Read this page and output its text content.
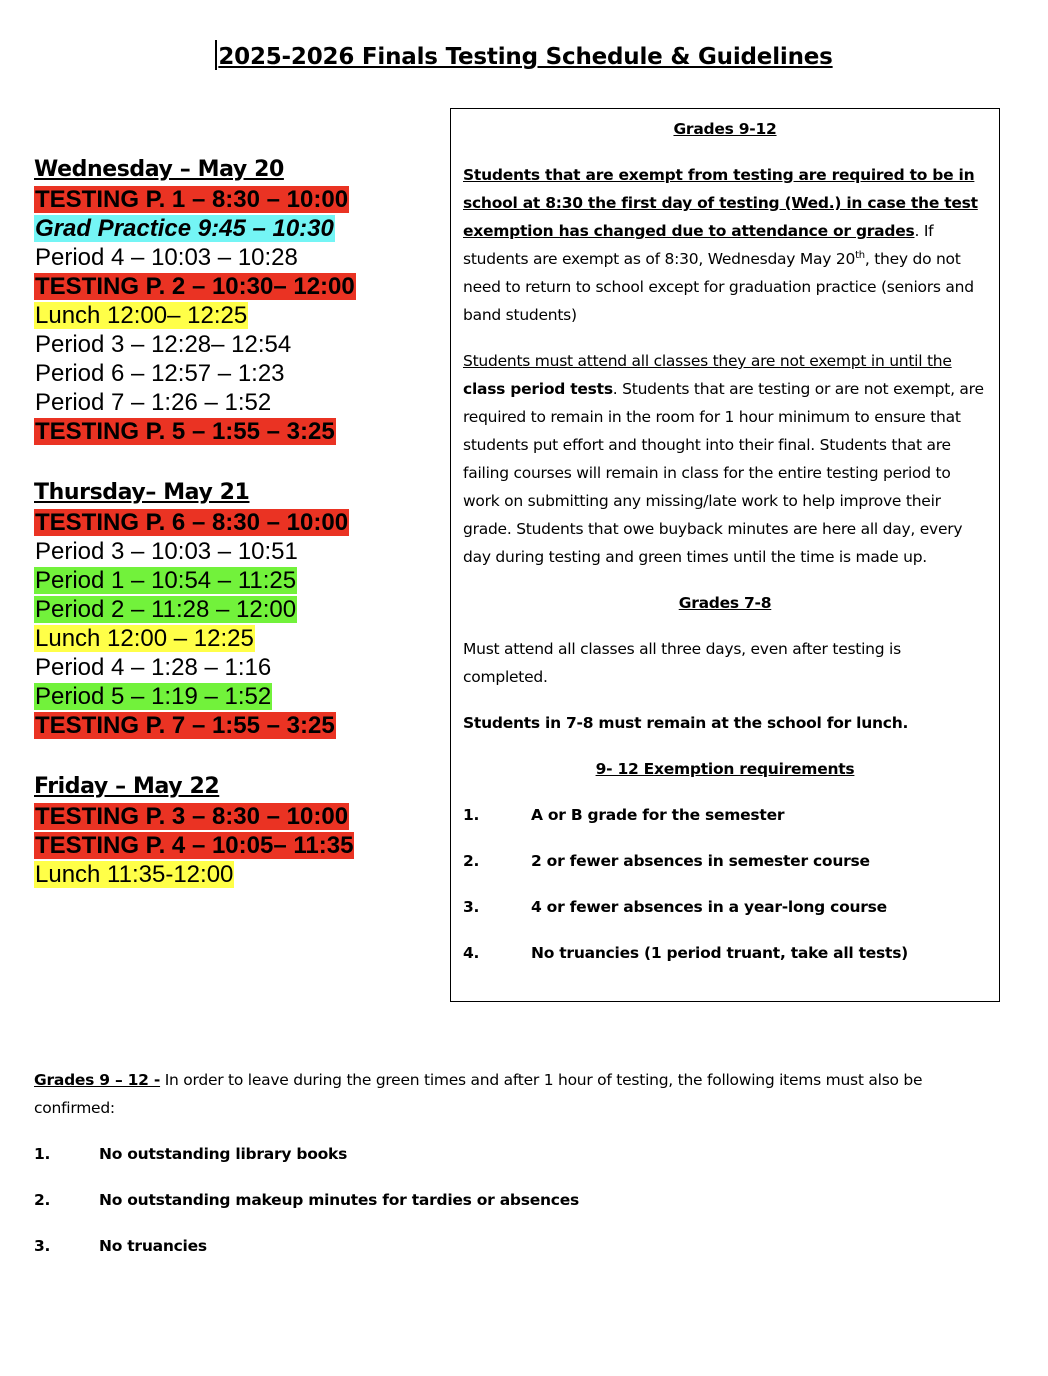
2025-2026 Finals Testing Schedule & Guidelines
Wednesday – May 20
TESTING P. 1 – 8:30 – 10:00
Grad Practice 9:45 – 10:30
Period 4 – 10:03 – 10:28
TESTING P. 2 – 10:30– 12:00
Lunch 12:00– 12:25
Period 3 – 12:28– 12:54
Period 6 – 12:57 – 1:23
Period 7 – 1:26 – 1:52
TESTING P. 5 – 1:55 – 3:25
Thursday– May 21
TESTING P. 6 – 8:30 – 10:00
Period 3 – 10:03 – 10:51
Period 1 – 10:54 – 11:25
Period 2 – 11:28 – 12:00
Lunch 12:00 – 12:25
Period 4 – 1:28 – 1:16
Period 5 – 1:19 – 1:52
TESTING P. 7 – 1:55 – 3:25
Friday – May 22
TESTING P. 3 – 8:30 – 10:00
TESTING P. 4 – 10:05– 11:35
Lunch 11:35-12:00

Grades 9-12

Students that are exempt from testing are required to be in school at 8:30 the first day of testing (Wed.) in case the test exemption has changed due to attendance or grades. If students are exempt as of 8:30, Wednesday May 20th, they do not need to return to school except for graduation practice (seniors and band students)

Students must attend all classes they are not exempt in until the class period tests. Students that are testing or are not exempt, are required to remain in the room for 1 hour minimum to ensure that students put effort and thought into their final. Students that are failing courses will remain in class for the entire testing period to work on submitting any missing/late work to help improve their grade. Students that owe buyback minutes are here all day, every day during testing and green times until the time is made up.

Grades 7-8

Must attend all classes all three days, even after testing is completed.

Students in 7-8 must remain at the school for lunch.

9- 12 Exemption requirements

1.	A or B grade for the semester
2.	2 or fewer absences in semester course
3.	4 or fewer absences in a year-long course
4.	No truancies (1 period truant, take all tests)

Grades 9 – 12 - In order to leave during the green times and after 1 hour of testing, the following items must also be confirmed:

1.	No outstanding library books
2.	No outstanding makeup minutes for tardies or absences
3.	No truancies
